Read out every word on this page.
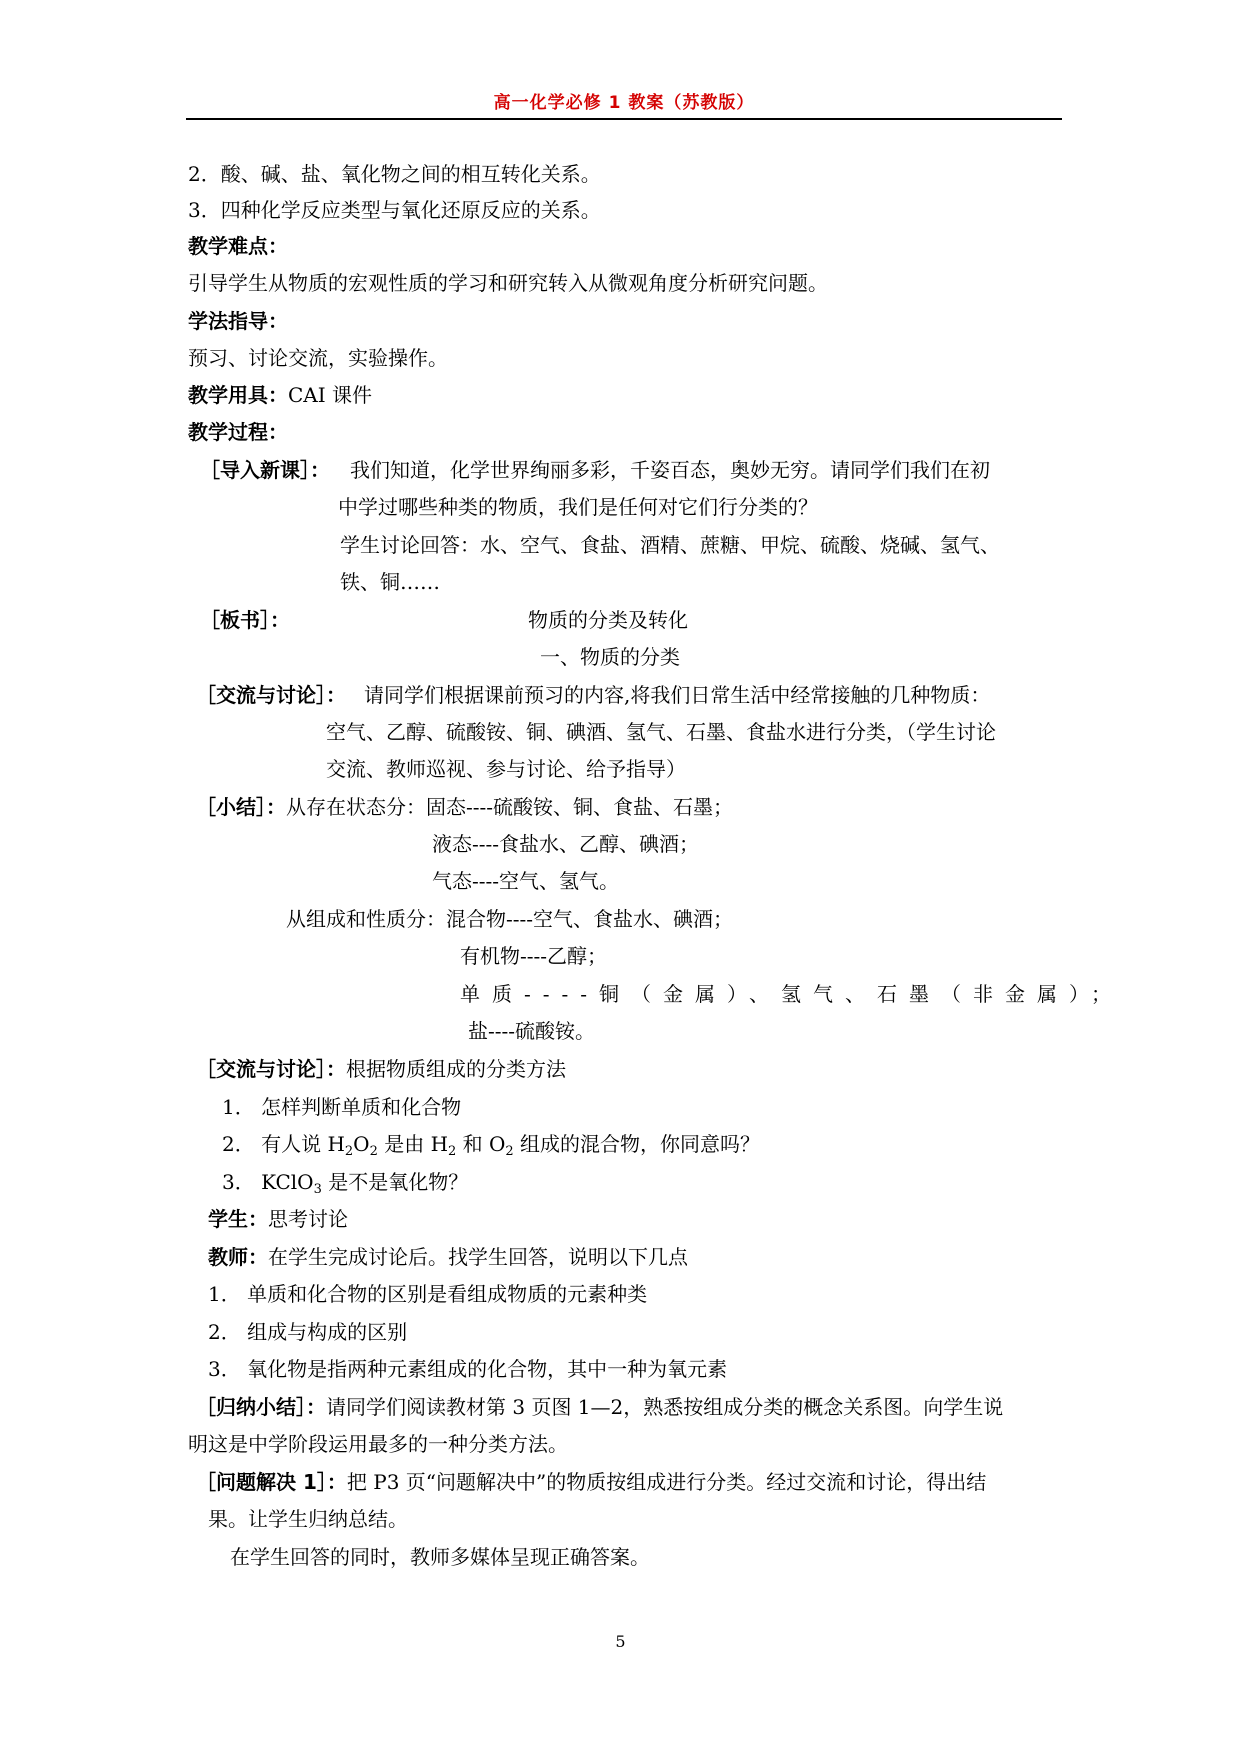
高一化学必修 1 教案（苏教版）
2．酸、碱、盐、氧化物之间的相互转化关系。
3．四种化学反应类型与氧化还原反应的关系。
教学难点：
引导学生从物质的宏观性质的学习和研究转入从微观角度分析研究问题。
学法指导：
预习、讨论交流，实验操作。
教学用具：CAI 课件
教学过程：
［导入新课］： 我们知道，化学世界绚丽多彩，千姿百态，奥妙无穷。请同学们我们在初
中学过哪些种类的物质，我们是任何对它们行分类的？
学生讨论回答：水、空气、食盐、酒精、蔗糖、甲烷、硫酸、烧碱、氢气、
铁、铜……
［板书］：	物质的分类及转化
一、物质的分类
［交流与讨论］： 请同学们根据课前预习的内容,将我们日常生活中经常接触的几种物质：
空气、乙醇、硫酸铵、铜、碘酒、氢气、石墨、食盐水进行分类，（学生讨论
交流、教师巡视、参与讨论、给予指导）
［小结］： 从存在状态分：固态----硫酸铵、铜、食盐、石墨；
液态----食盐水、乙醇、碘酒；
气态----空气、氢气。
从组成和性质分：混合物----空气、食盐水、碘酒；
有机物----乙醇；
单质----铜（金属）、氢气、石墨（非金属）；
盐----硫酸铵。
［交流与讨论］：根据物质组成的分类方法
1． 怎样判断单质和化合物
2． 有人说 $H_2O_2$ 是由 $H_2$ 和 $O_2$ 组成的混合物，你同意吗？
3． KClO$_3$ 是不是氧化物？
学生：思考讨论
教师：在学生完成讨论后。找学生回答，说明以下几点
1． 单质和化合物的区别是看组成物质的元素种类
2． 组成与构成的区别
3． 氧化物是指两种元素组成的化合物，其中一种为氧元素
［归纳小结］：请同学们阅读教材第 3 页图 1—2，熟悉按组成分类的概念关系图。向学生说
明这是中学阶段运用最多的一种分类方法。
［问题解决 1］：把 P3 页“问题解决中”的物质按组成进行分类。经过交流和讨论，得出结
果。让学生归纳总结。
在学生回答的同时，教师多媒体呈现正确答案。
5
